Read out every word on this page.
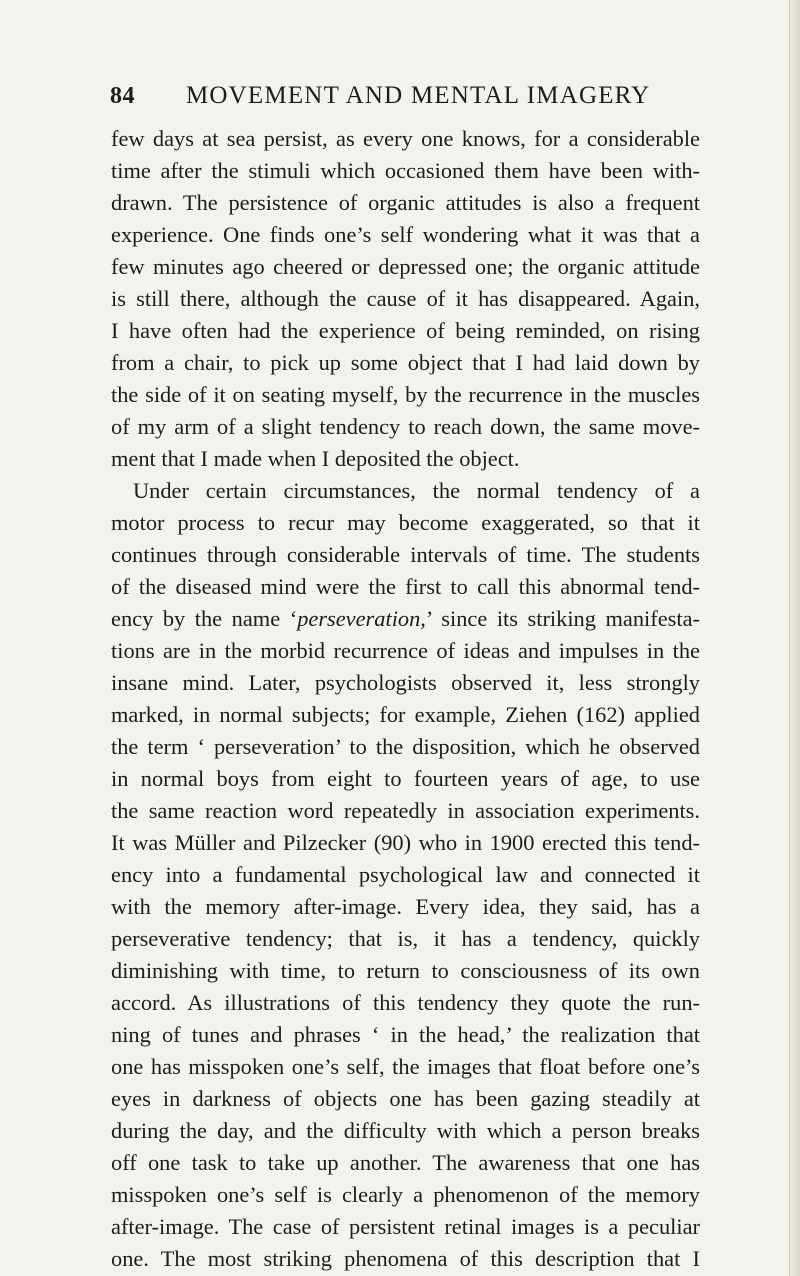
84 MOVEMENT AND MENTAL IMAGERY
few days at sea persist, as every one knows, for a considerable
time after the stimuli which occasioned them have been with-
drawn. The persistence of organic attitudes is also a frequent
experience. One finds one’s self wondering what it was that a
few minutes ago cheered or depressed one; the organic attitude
is still there, although the cause of it has disappeared. Again,
I have often had the experience of being reminded, on rising
from a chair, to pick up some object that I had laid down by
the side of it on seating myself, by the recurrence in the muscles
of my arm of a slight tendency to reach down, the same move-
ment that I made when I deposited the object.
Under certain circumstances, the normal tendency of a
motor process to recur may become exaggerated, so that it
continues through considerable intervals of time. The students
of the diseased mind were the first to call this abnormal tend-
ency by the name ‘perseveration,’ since its striking manifesta-
tions are in the morbid recurrence of ideas and impulses in the
insane mind. Later, psychologists observed it, less strongly
marked, in normal subjects; for example, Ziehen (162) applied
the term ‘ perseveration’ to the disposition, which he observed
in normal boys from eight to fourteen years of age, to use
the same reaction word repeatedly in association experiments.
It was Müller and Pilzecker (90) who in 1900 erected this tend-
ency into a fundamental psychological law and connected it
with the memory after-image. Every idea, they said, has a
perseverative tendency; that is, it has a tendency, quickly
diminishing with time, to return to consciousness of its own
accord. As illustrations of this tendency they quote the run-
ning of tunes and phrases ‘ in the head,’ the realization that
one has misspoken one’s self, the images that float before one’s
eyes in darkness of objects one has been gazing steadily at
during the day, and the difficulty with which a person breaks
off one task to take up another. The awareness that one has
misspoken one’s self is clearly a phenomenon of the memory
after-image. The case of persistent retinal images is a peculiar
one. The most striking phenomena of this description that I
